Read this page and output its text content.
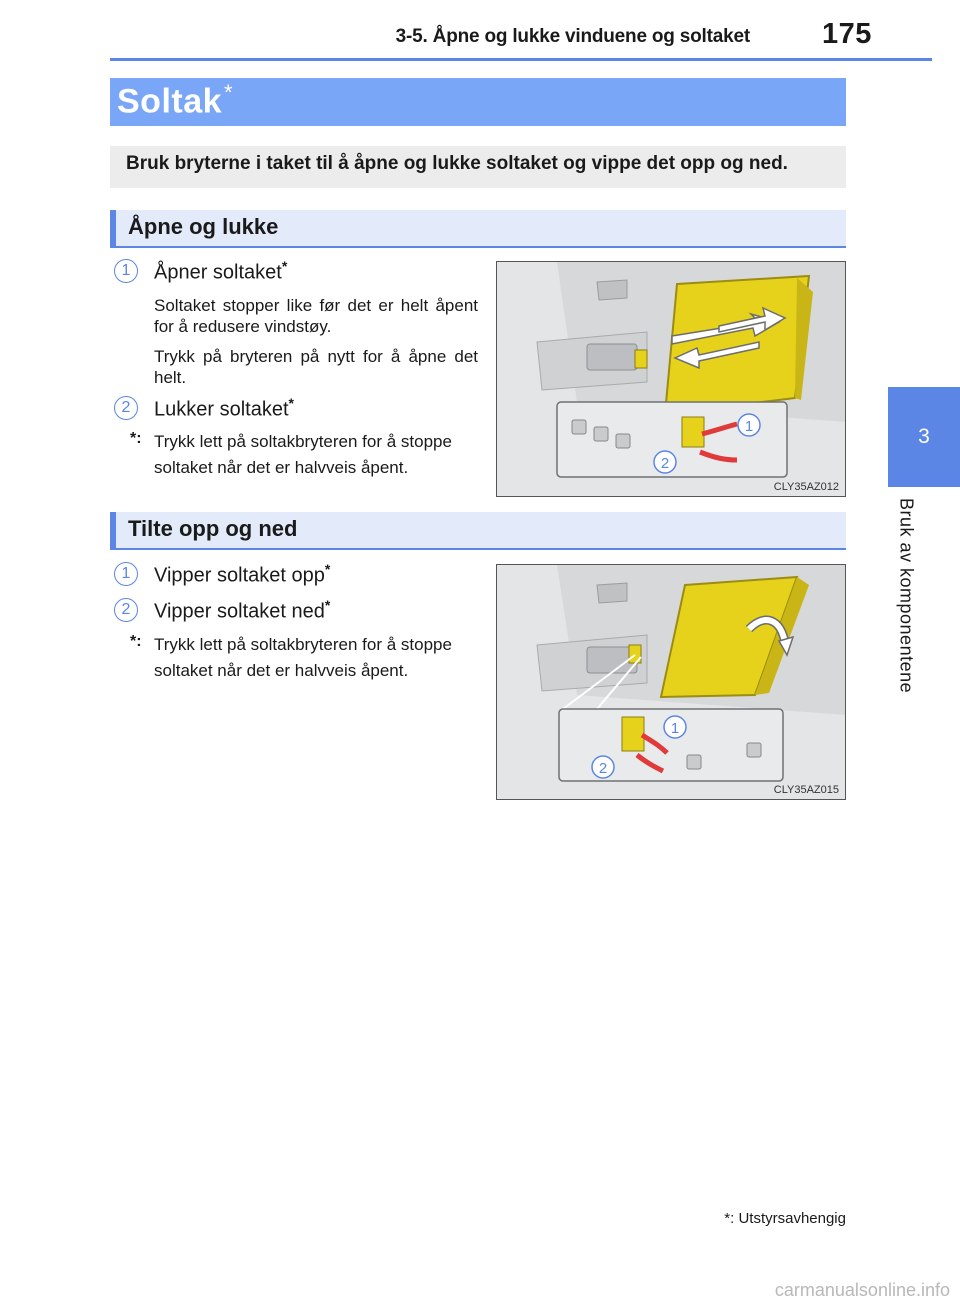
3-5. Åpne og lukke vinduene og soltaket 175
3
Bruk av komponentene
Soltak*
Bruk bryterne i taket til å åpne og lukke soltaket og vippe det opp og ned.
Åpne og lukke
1	Åpner soltaket*
Soltaket stopper like før det er helt åpent for å redusere vindstøy.
Trykk på bryteren på nytt for å åpne det helt.
2	Lukker soltaket*
*: Trykk lett på soltakbryteren for å stoppe soltaket når det er halvveis åpent.
1
2
CLY35AZ012
Tilte opp og ned
1	Vipper soltaket opp*
2	Vipper soltaket ned*
*: Trykk lett på soltakbryteren for å stoppe soltaket når det er halvveis åpent.
1
2
CLY35AZ015
*: Utstyrsavhengig
carmanualsonline.info
